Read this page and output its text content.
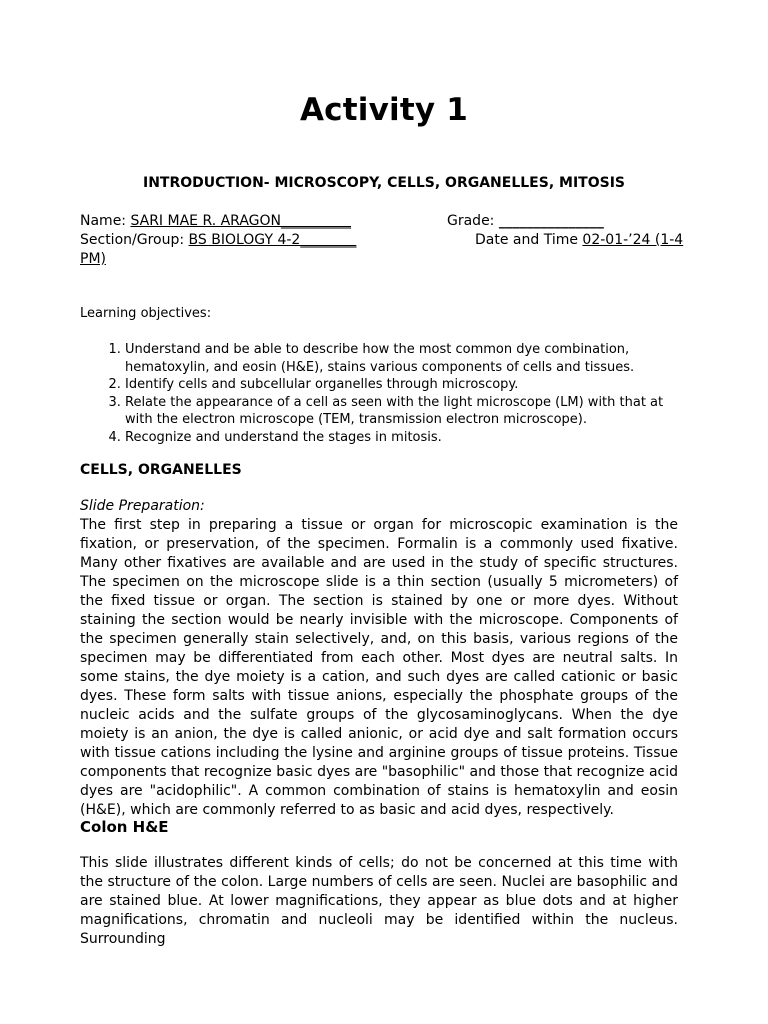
Activity 1
INTRODUCTION- MICROSCOPY, CELLS, ORGANELLES, MITOSIS
Name: SARI MAE R. ARAGON__________	Grade: _______________
Section/Group: BS BIOLOGY 4-2________	Date and Time 02-01-’24 (1-4
PM)
Learning objectives:
1. Understand and be able to describe how the most common dye combination, hematoxylin, and eosin (H&E), stains various components of cells and tissues.
2. Identify cells and subcellular organelles through microscopy.
3. Relate the appearance of a cell as seen with the light microscope (LM) with that at with the electron microscope (TEM, transmission electron microscope).
4. Recognize and understand the stages in mitosis.
CELLS, ORGANELLES
Slide Preparation:

The first step in preparing a tissue or organ for microscopic examination is the fixation, or preservation, of the specimen. Formalin is a commonly used fixative. Many other fixatives are available and are used in the study of specific structures. The specimen on the microscope slide is a thin section (usually 5 micrometers) of the fixed tissue or organ. The section is stained by one or more dyes. Without staining the section would be nearly invisible with the microscope. Components of the specimen generally stain selectively, and, on this basis, various regions of the specimen may be differentiated from each other. Most dyes are neutral salts. In some stains, the dye moiety is a cation, and such dyes are called cationic or basic dyes. These form salts with tissue anions, especially the phosphate groups of the nucleic acids and the sulfate groups of the glycosaminoglycans. When the dye moiety is an anion, the dye is called anionic, or acid dye and salt formation occurs with tissue cations including the lysine and arginine groups of tissue proteins. Tissue components that recognize basic dyes are "basophilic" and those that recognize acid dyes are "acidophilic". A common combination of stains is hematoxylin and eosin (H&E), which are commonly referred to as basic and acid dyes, respectively.

Colon H&E

This slide illustrates different kinds of cells; do not be concerned at this time with the structure of the colon. Large numbers of cells are seen. Nuclei are basophilic and are stained blue. At lower magnifications, they appear as blue dots and at higher magnifications, chromatin and nucleoli may be identified within the nucleus. Surrounding
